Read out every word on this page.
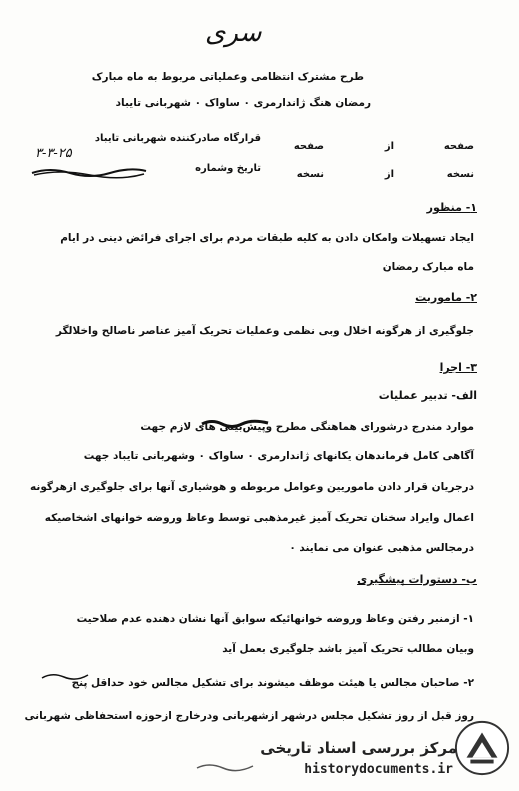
سری
طرح مشترک انتظامی وعملیاتی مربوط به ماه مبارک
رمضان هنگ ژاندارمری ۰ ساواک ۰ شهربانی تایباد
صفحه
از
صفحه
نسخه
از
نسخه
قرارگاه صادرکننده شهربانی تایباد
۳-۳-۲۵
تاریخ وشماره
۱- منظور
ایجاد تسهیلات وامکان دادن به کلیه طبقات مردم برای اجرای فرائض دینی در ایام
ماه مبارک رمضان
۲- ماموریت
جلوگیری از هرگونه اخلال وبی نظمی وعملیات تحریک آمیز عناصر ناصالح واخلالگر
۳- اجرا
الف- تدبیر عملیات
موارد مندرج درشورای هماهنگی مطرح وپیش‌بینی های لازم جهت
آگاهی کامل فرماندهان یکانهای ژاندارمری ۰ ساواک ۰ وشهربانی تایباد جهت
درجریان قرار دادن ماموریین وعوامل مربوطه و هوشیاری آنها برای جلوگیری ازهرگونه
اعمال وایراد سخنان تحریک آمیز غیرمذهبی توسط وعاظ وروضه خوانهای اشخاصیکه
درمجالس مذهبی عنوان می نمایند ۰
ب- دستورات پیشگیری
۱- ازمنبر رفتن وعاظ وروضه خوانهائیکه سوابق آنها نشان دهنده عدم صلاحیت
وبیان مطالب تحریک آمیز باشد جلوگیری بعمل آید
۲- صاحبان مجالس یا هیئت موظف میشوند برای تشکیل مجالس خود حداقل پنج
روز قبل از روز تشکیل مجلس درشهر ازشهربانی ودرخارج ازحوزه استحفاظی شهربانی
مرکز بررسی اسناد تاریخی
historydocuments.ir
